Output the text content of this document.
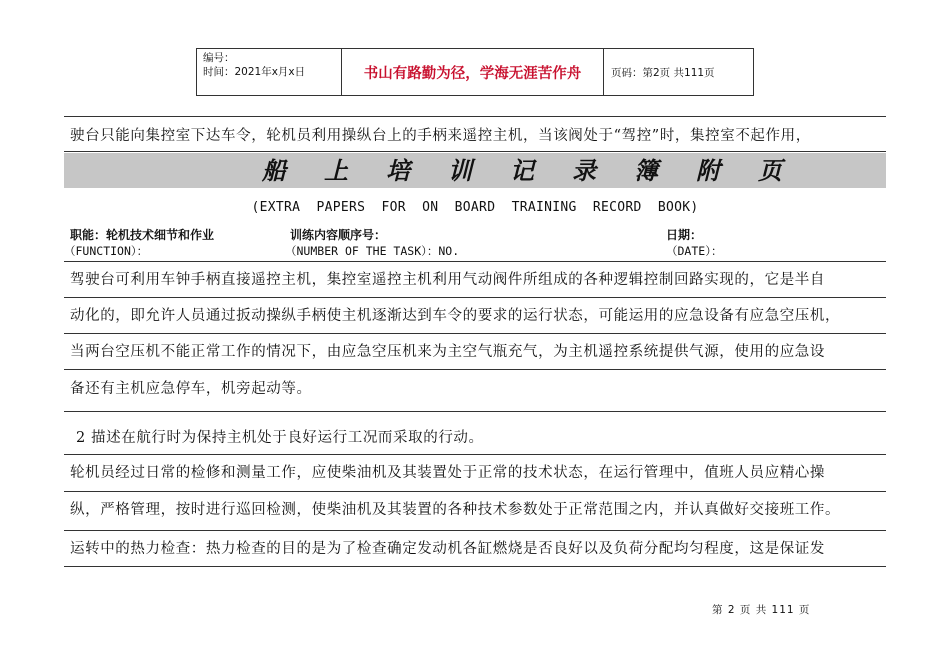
编号：
时间：2021年x月x日	书山有路勤为径，学海无涯苦作舟	页码：第2页 共111页
驶台只能向集控室下达车令，轮机员利用操纵台上的手柄来遥控主机，当该阀处于“驾控”时，集控室不起作用，
船上培训记录簿附页
(EXTRA  PAPERS  FOR  ON  BOARD  TRAINING  RECORD  BOOK)
职能：轮机技术细节和作业	训练内容顺序号：	日期：
（FUNCTION）：	（NUMBER OF THE TASK）：NO.	（DATE）：
驾驶台可利用车钟手柄直接遥控主机，集控室遥控主机利用气动阀件所组成的各种逻辑控制回路实现的，它是半自
动化的，即允许人员通过扳动操纵手柄使主机逐渐达到车令的要求的运行状态，可能运用的应急设备有应急空压机，
当两台空压机不能正常工作的情况下，由应急空压机来为主空气瓶充气，为主机遥控系统提供气源，使用的应急设
备还有主机应急停车，机旁起动等。
2 描述在航行时为保持主机处于良好运行工况而采取的行动。
轮机员经过日常的检修和测量工作，应使柴油机及其装置处于正常的技术状态，在运行管理中，值班人员应精心操
纵，严格管理，按时进行巡回检测，使柴油机及其装置的各种技术参数处于正常范围之内，并认真做好交接班工作。
运转中的热力检查：热力检查的目的是为了检查确定发动机各缸燃烧是否良好以及负荷分配均匀程度，这是保证发
第 2 页 共 111 页
